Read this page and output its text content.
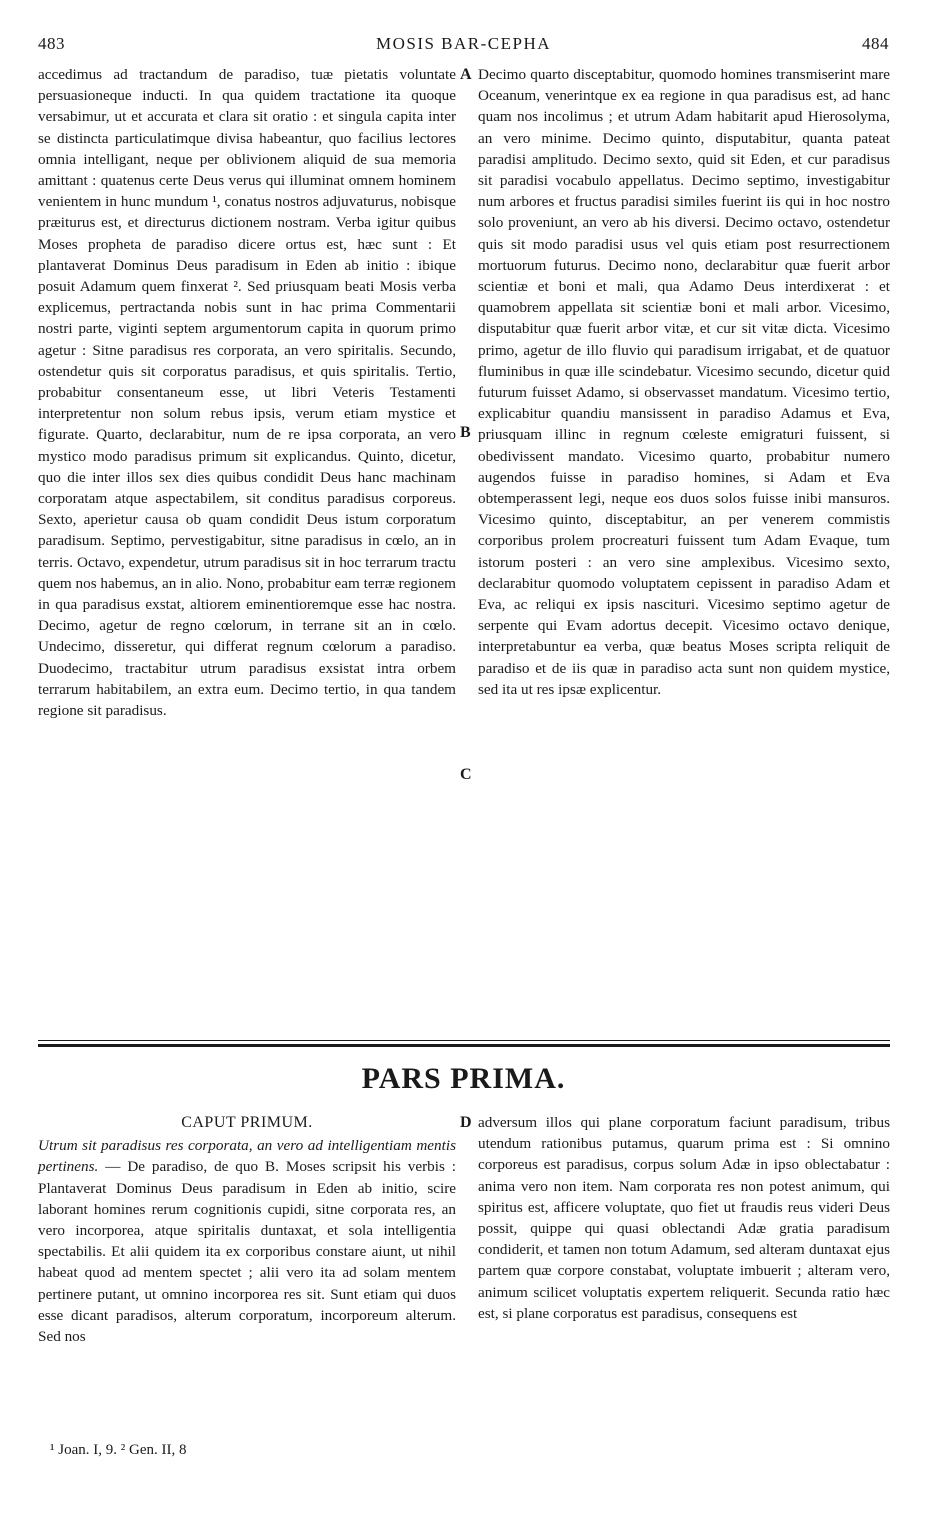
MOSIS BAR-CEPHA
483	484
A
B
C
D

accedimus ad tractandum de paradiso, tuæ pietatis voluntate persuasioneque inducti. In qua quidem tractatione ita quoque versabimur, ut et accurata et clara sit oratio : et singula capita inter se distincta particulatimque divisa habeantur, quo facilius lectores omnia intelligant, neque per oblivionem aliquid de sua memoria amittant : quatenus certe Deus verus qui illuminat omnem hominem venientem in hunc mundum ¹, conatus nostros adjuvaturus, nobisque præiturus est, et directurus dictionem nostram. Verba igitur quibus Moses propheta de paradiso dicere ortus est, hæc sunt : Et plantaverat Dominus Deus paradisum in Eden ab initio : ibique posuit Adamum quem finxerat ². Sed priusquam beati Mosis verba explicemus, pertractanda nobis sunt in hac prima Commentarii nostri parte, viginti septem argumentorum capita in quorum primo agetur : Sitne paradisus res corporata, an vero spiritalis. Secundo, ostendetur quis sit corporatus paradisus, et quis spiritalis. Tertio, probabitur consentaneum esse, ut libri Veteris Testamenti interpretentur non solum rebus ipsis, verum etiam mystice et figurate. Quarto, declarabitur, num de re ipsa corporata, an vero mystico modo paradisus primum sit explicandus. Quinto, dicetur, quo die inter illos sex dies quibus condidit Deus hanc machinam corporatam atque aspectabilem, sit conditus paradisus corporeus. Sexto, aperietur causa ob quam condidit Deus istum corporatum paradisum. Septimo, pervestigabitur, sitne paradisus in cœlo, an in terris. Octavo, expendetur, utrum paradisus sit in hoc terrarum tractu quem nos habemus, an in alio. Nono, probabitur eam terræ regionem in qua paradisus exstat, altiorem eminentioremque esse hac nostra. Decimo, agetur de regno cœlorum, in terrane sit an in cœlo. Undecimo, disseretur, qui differat regnum cœlorum a paradiso. Duodecimo, tractabitur utrum paradisus exsistat intra orbem terrarum habitabilem, an extra eum. Decimo tertio, in qua tandem regione sit paradisus.

Decimo quarto disceptabitur, quomodo homines transmiserint mare Oceanum, venerintque ex ea regione in qua paradisus est, ad hanc quam nos incolimus ; et utrum Adam habitarit apud Hierosolyma, an vero minime. Decimo quinto, disputabitur, quanta pateat paradisi amplitudo. Decimo sexto, quid sit Eden, et cur paradisus sit paradisi vocabulo appellatus. Decimo septimo, investigabitur num arbores et fructus paradisi similes fuerint iis qui in hoc nostro solo proveniunt, an vero ab his diversi. Decimo octavo, ostendetur quis sit modo paradisi usus vel quis etiam post resurrectionem mortuorum futurus. Decimo nono, declarabitur quæ fuerit arbor scientiæ et boni et mali, qua Adamo Deus interdixerat : et quamobrem appellata sit scientiæ boni et mali arbor. Vicesimo, disputabitur quæ fuerit arbor vitæ, et cur sit vitæ dicta. Vicesimo primo, agetur de illo fluvio qui paradisum irrigabat, et de quatuor fluminibus in quæ ille scindebatur. Vicesimo secundo, dicetur quid futurum fuisset Adamo, si observasset mandatum. Vicesimo tertio, explicabitur quandiu mansissent in paradiso Adamus et Eva, priusquam illinc in regnum cœleste emigraturi fuissent, si obedivissent mandato. Vicesimo quarto, probabitur numero augendos fuisse in paradiso homines, si Adam et Eva obtemperassent legi, neque eos duos solos fuisse inibi mansuros. Vicesimo quinto, disceptabitur, an per venerem commistis corporibus prolem procreaturi fuissent tum Adam Evaque, tum istorum posteri : an vero sine amplexibus. Vicesimo sexto, declarabitur quomodo voluptatem cepissent in paradiso Adam et Eva, ac reliqui ex ipsis nascituri. Vicesimo septimo agetur de serpente qui Evam adortus decepit. Vicesimo octavo denique, interpretabuntur ea verba, quæ beatus Moses scripta reliquit de paradiso et de iis quæ in paradiso acta sunt non quidem mystice, sed ita ut res ipsæ explicentur.

PARS PRIMA.
CAPUT PRIMUM.

Utrum sit paradisus res corporata, an vero ad intelligentiam mentis pertinens. — De paradiso, de quo B. Moses scripsit his verbis : Plantaverat Dominus Deus paradisum in Eden ab initio, scire laborant homines rerum cognitionis cupidi, sitne corporata res, an vero incorporea, atque spiritalis duntaxat, et sola intelligentia spectabilis. Et alii quidem ita ex corporibus constare aiunt, ut nihil habeat quod ad mentem spectet ; alii vero ita ad solam mentem pertinere putant, ut omnino incorporea res sit. Sunt etiam qui duos esse dicant paradisos, alterum corporatum, incorporeum alterum. Sed nos

adversum illos qui plane corporatum faciunt paradisum, tribus utendum rationibus putamus, quarum prima est : Si omnino corporeus est paradisus, corpus solum Adæ in ipso oblectabatur : anima vero non item. Nam corporata res non potest animum, qui spiritus est, afficere voluptate, quo fiet ut fraudis reus videri Deus possit, quippe qui quasi oblectandi Adæ gratia paradisum condiderit, et tamen non totum Adamum, sed alteram duntaxat ejus partem quæ corpore constabat, voluptate imbuerit ; alteram vero, animum scilicet voluptatis expertem reliquerit. Secunda ratio hæc est, si plane corporatus est paradisus, consequens est

¹ Joan. I, 9. ² Gen. II, 8
